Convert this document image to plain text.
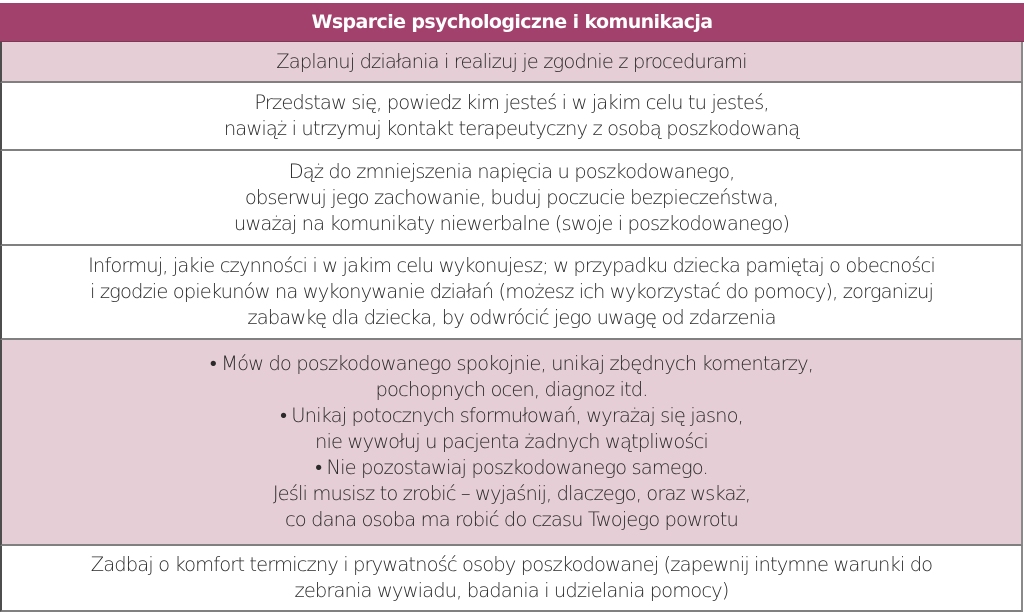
Wsparcie psychologiczne i komunikacja
Zaplanuj działania i realizuj je zgodnie z procedurami
Przedstaw się, powiedz kim jesteś i w jakim celu tu jesteś,
nawiąż i utrzymuj kontakt terapeutyczny z osobą poszkodowaną
Dąż do zmniejszenia napięcia u poszkodowanego,
obserwuj jego zachowanie, buduj poczucie bezpieczeństwa,
uważaj na komunikaty niewerbalne (swoje i poszkodowanego)
Informuj, jakie czynności i w jakim celu wykonujesz; w przypadku dziecka pamiętaj o obecności
i zgodzie opiekunów na wykonywanie działań (możesz ich wykorzystać do pomocy), zorganizuj
zabawkę dla dziecka, by odwrócić jego uwagę od zdarzenia
• Mów do poszkodowanego spokojnie, unikaj zbędnych komentarzy,
pochopnych ocen, diagnoz itd.
• Unikaj potocznych sformułowań, wyrażaj się jasno,
nie wywołuj u pacjenta żadnych wątpliwości
• Nie pozostawiaj poszkodowanego samego.
Jeśli musisz to zrobić – wyjaśnij, dlaczego, oraz wskaż,
co dana osoba ma robić do czasu Twojego powrotu
Zadbaj o komfort termiczny i prywatność osoby poszkodowanej (zapewnij intymne warunki do
zebrania wywiadu, badania i udzielania pomocy)
